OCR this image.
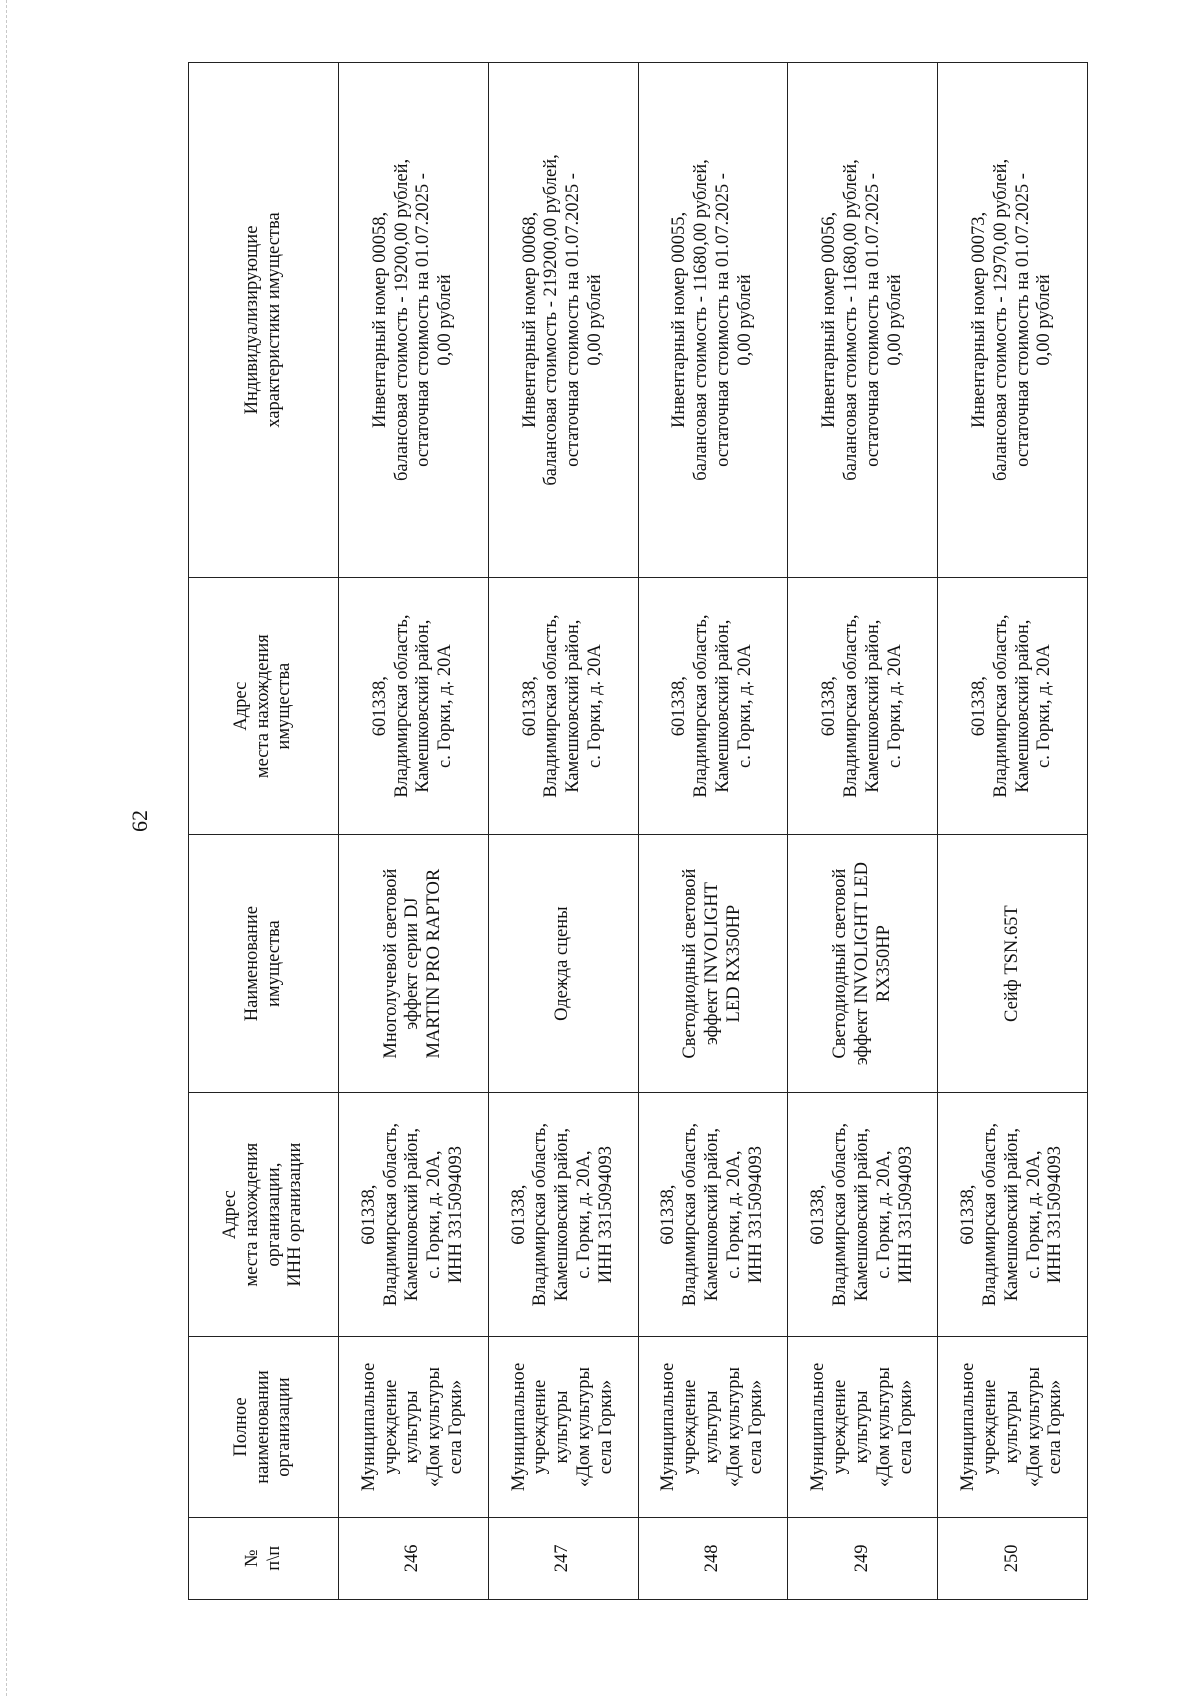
62
№ п\п	Полное наименовании организации	Адрес места нахождения организации, ИНН организации	Наименование имущества	Адрес места нахождения имущества	Индивидуализирующие характеристики имущества

246	Муниципальное учреждение культуры «Дом культуры села Горки»	601338, Владимирская область, Камешковский район, с. Горки, д. 20А, ИНН 3315094093	Многолучевой световой эффект серии DJ MARTIN PRO RAPTOR	601338, Владимирская область, Камешковский район, с. Горки, д. 20А	Инвентарный номер 00058, балансовая стоимость - 19200,00 рублей, остаточная стоимость на 01.07.2025 - 0,00 рублей

247	Муниципальное учреждение культуры «Дом культуры села Горки»	601338, Владимирская область, Камешковский район, с. Горки, д. 20А, ИНН 3315094093	Одежда сцены	601338, Владимирская область, Камешковский район, с. Горки, д. 20А	Инвентарный номер 00068, балансовая стоимость - 219200,00 рублей, остаточная стоимость на 01.07.2025 - 0,00 рублей

248	Муниципальное учреждение культуры «Дом культуры села Горки»	601338, Владимирская область, Камешковский район, с. Горки, д. 20А, ИНН 3315094093	Светодиодный световой эффект INVOLIGHT LED RX350HP	601338, Владимирская область, Камешковский район, с. Горки, д. 20А	Инвентарный номер 00055, балансовая стоимость - 11680,00 рублей, остаточная стоимость на 01.07.2025 - 0,00 рублей

249	Муниципальное учреждение культуры «Дом культуры села Горки»	601338, Владимирская область, Камешковский район, с. Горки, д. 20А, ИНН 3315094093	Светодиодный световой эффект INVOLIGHT LED RX350HP	601338, Владимирская область, Камешковский район, с. Горки, д. 20А	Инвентарный номер 00056, балансовая стоимость - 11680,00 рублей, остаточная стоимость на 01.07.2025 - 0,00 рублей

250	Муниципальное учреждение культуры «Дом культуры села Горки»	601338, Владимирская область, Камешковский район, с. Горки, д. 20А, ИНН 3315094093	Сейф TSN.65T	601338, Владимирская область, Камешковский район, с. Горки, д. 20А	Инвентарный номер 00073, балансовая стоимость - 12970,00 рублей, остаточная стоимость на 01.07.2025 - 0,00 рублей
